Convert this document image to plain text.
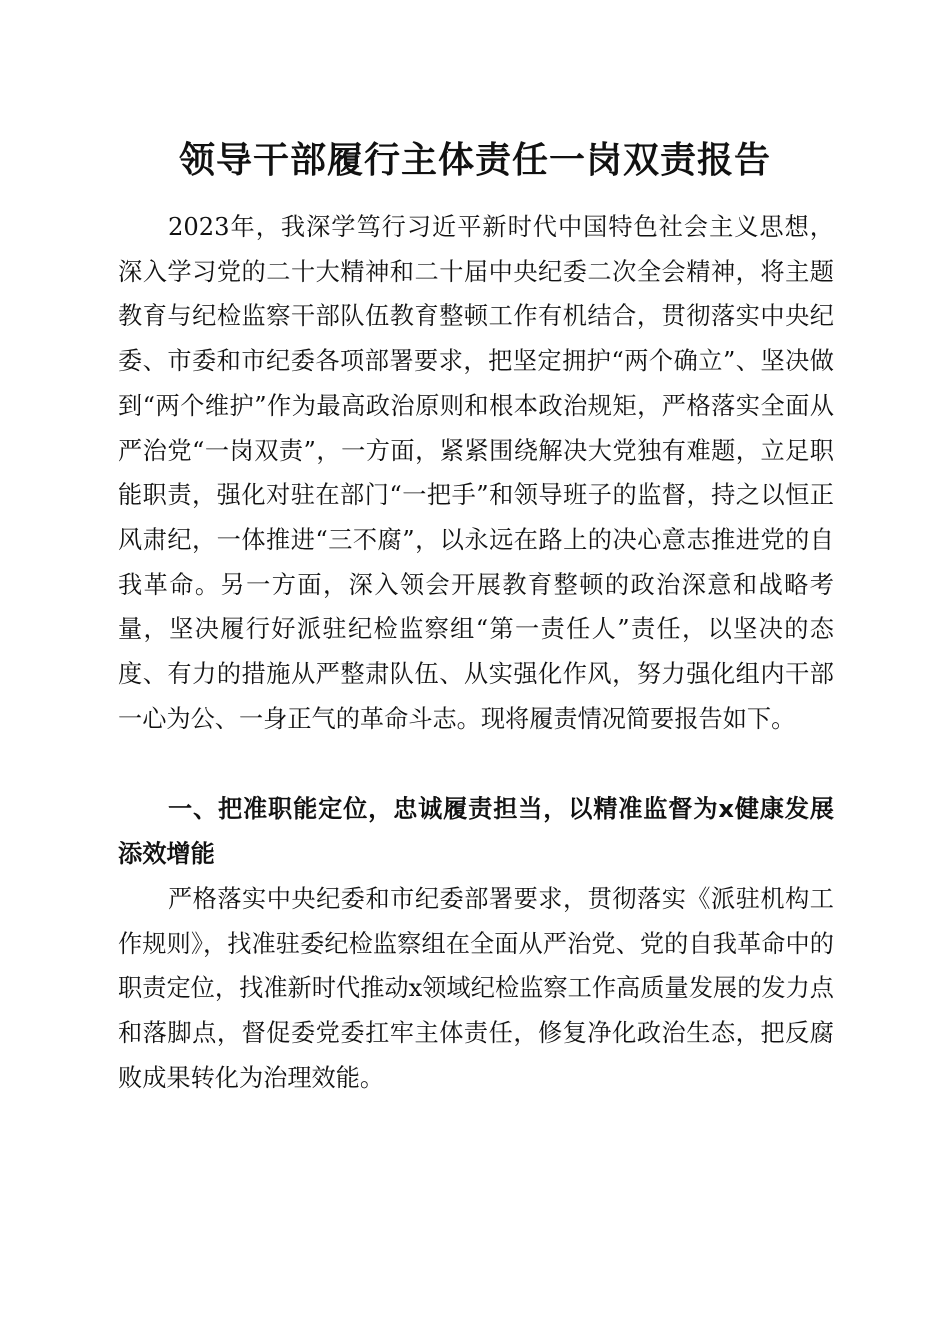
领导干部履行主体责任一岗双责报告

2023年，我深学笃行习近平新时代中国特色社会主义思想，深入学习党的二十大精神和二十届中央纪委二次全会精神，将主题教育与纪检监察干部队伍教育整顿工作有机结合，贯彻落实中央纪委、市委和市纪委各项部署要求，把坚定拥护“两个确立”、坚决做到“两个维护”作为最高政治原则和根本政治规矩，严格落实全面从严治党“一岗双责”，一方面，紧紧围绕解决大党独有难题，立足职能职责，强化对驻在部门“一把手”和领导班子的监督，持之以恒正风肃纪，一体推进“三不腐”，以永远在路上的决心意志推进党的自我革命。另一方面，深入领会开展教育整顿的政治深意和战略考量，坚决履行好派驻纪检监察组“第一责任人”责任，以坚决的态度、有力的措施从严整肃队伍、从实强化作风，努力强化组内干部一心为公、一身正气的革命斗志。现将履责情况简要报告如下。

一、把准职能定位，忠诚履责担当，以精准监督为x健康发展添效增能

严格落实中央纪委和市纪委部署要求，贯彻落实《派驻机构工作规则》，找准驻委纪检监察组在全面从严治党、党的自我革命中的职责定位，找准新时代推动x领域纪检监察工作高质量发展的发力点和落脚点，督促委党委扛牢主体责任，修复净化政治生态，把反腐败成果转化为治理效能。
